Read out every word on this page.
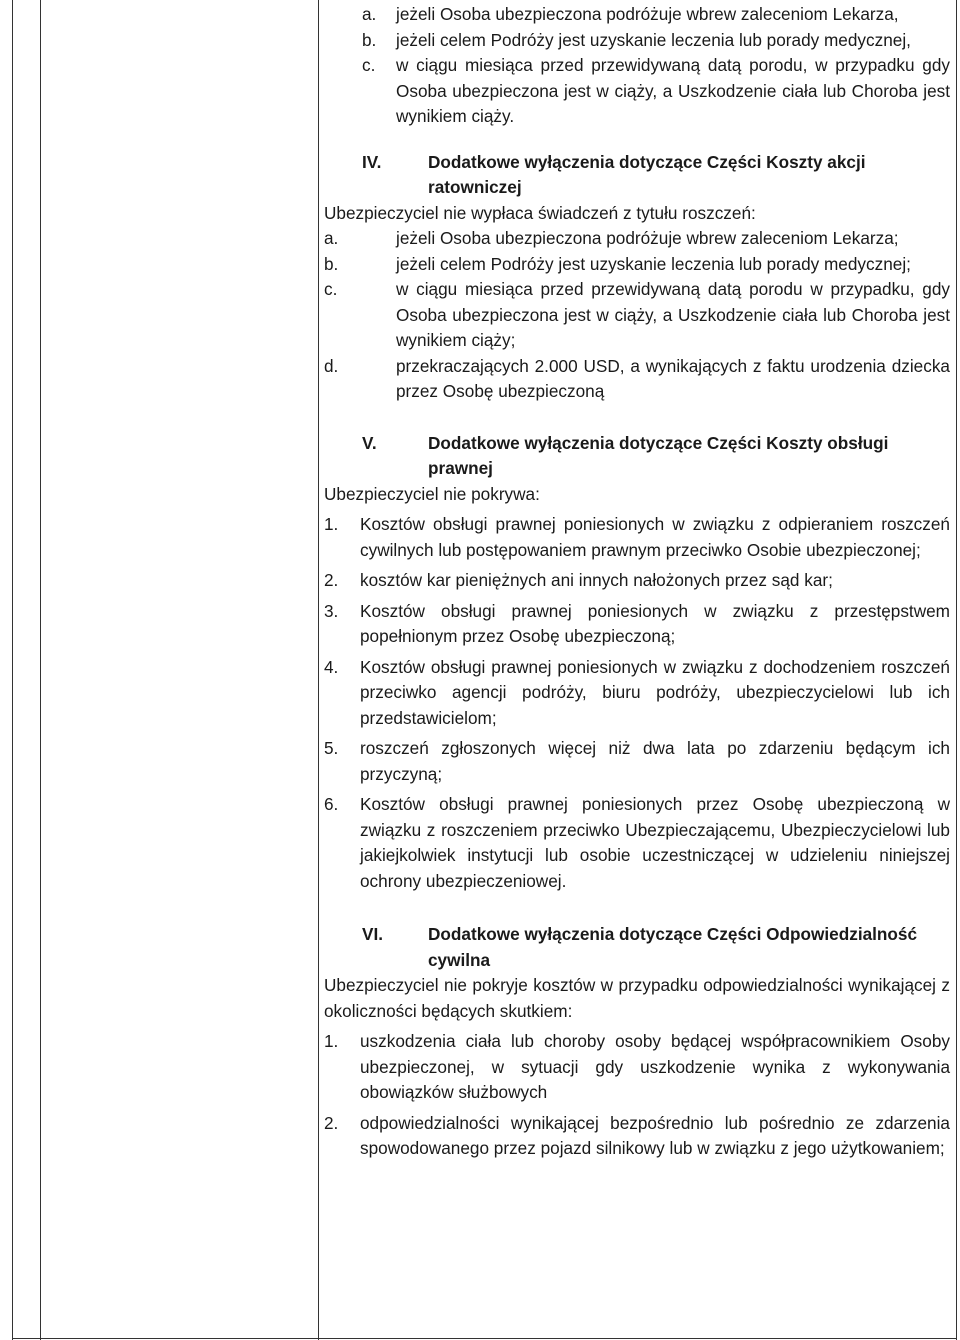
a.	jeżeli Osoba ubezpieczona podróżuje wbrew zaleceniom Lekarza,
b.	jeżeli celem Podróży jest uzyskanie leczenia lub porady medycznej,
c.	w ciągu miesiąca przed przewidywaną datą porodu, w przypadku gdy Osoba ubezpieczona jest w ciąży, a Uszkodzenie ciała lub Choroba jest wynikiem ciąży.
IV.	Dodatkowe wyłączenia dotyczące Części Koszty akcji ratowniczej
Ubezpieczyciel nie wypłaca świadczeń z tytułu roszczeń:
a.	jeżeli Osoba ubezpieczona podróżuje wbrew zaleceniom Lekarza;
b.	jeżeli celem Podróży jest uzyskanie leczenia lub porady medycznej;
c.	w ciągu miesiąca przed przewidywaną datą porodu w przypadku, gdy Osoba ubezpieczona jest w ciąży, a Uszkodzenie ciała lub Choroba jest wynikiem ciąży;
d.	przekraczających 2.000 USD, a wynikających z faktu urodzenia dziecka przez Osobę ubezpieczoną
V.	Dodatkowe wyłączenia dotyczące Części Koszty obsługi prawnej
Ubezpieczyciel nie pokrywa:
1.	Kosztów obsługi prawnej poniesionych w związku z odpieraniem roszczeń cywilnych lub postępowaniem prawnym przeciwko Osobie ubezpieczonej;
2.	kosztów kar pieniężnych ani innych nałożonych przez sąd kar;
3.	Kosztów obsługi prawnej poniesionych w związku z przestępstwem popełnionym przez Osobę ubezpieczoną;
4.	Kosztów obsługi prawnej poniesionych w związku z dochodzeniem roszczeń przeciwko agencji podróży, biuru podróży, ubezpieczycielowi lub ich przedstawicielom;
5.	roszczeń zgłoszonych więcej niż dwa lata po zdarzeniu będącym ich przyczyną;
6.	Kosztów obsługi prawnej poniesionych przez Osobę ubezpieczoną w związku z roszczeniem przeciwko Ubezpieczającemu, Ubezpieczycielowi lub jakiejkolwiek instytucji lub osobie uczestniczącej w udzieleniu niniejszej ochrony ubezpieczeniowej.
VI.	Dodatkowe wyłączenia dotyczące Części Odpowiedzialność cywilna
Ubezpieczyciel nie pokryje kosztów w przypadku odpowiedzialności wynikającej z okoliczności będących skutkiem:
1.	uszkodzenia ciała lub choroby osoby będącej współpracownikiem Osoby ubezpieczonej, w sytuacji gdy uszkodzenie wynika z wykonywania obowiązków służbowych
2.	odpowiedzialności wynikającej bezpośrednio lub pośrednio ze zdarzenia spowodowanego przez pojazd silnikowy lub w związku z jego użytkowaniem;
